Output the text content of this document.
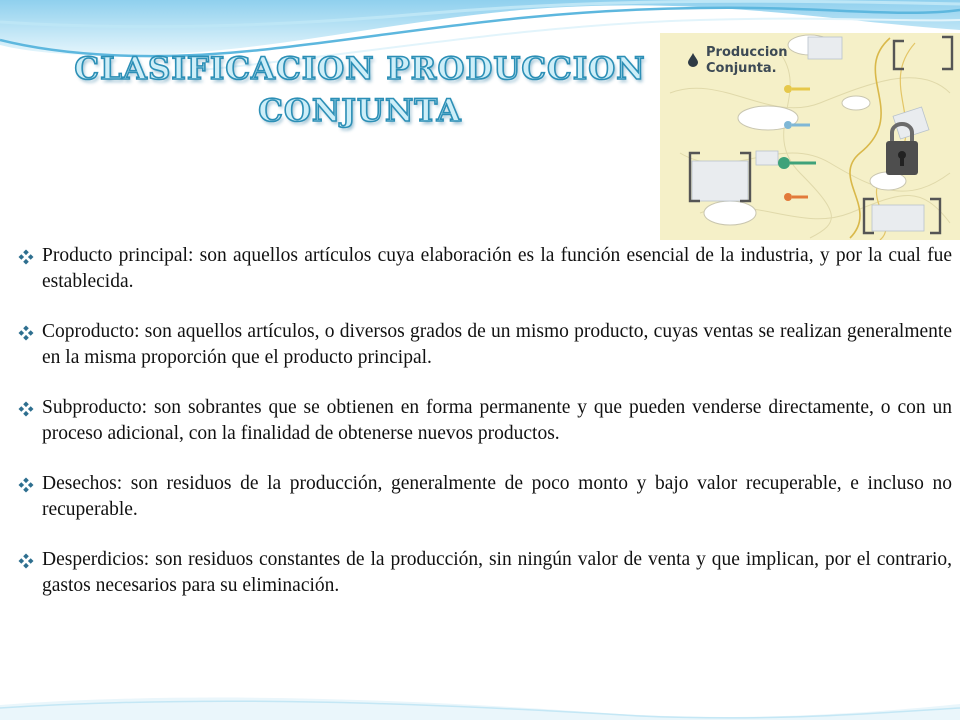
CLASIFICACION PRODUCCION
CONJUNTA
Produccion
Conjunta.
Producto principal: son aquellos artículos cuya elaboración es la función esencial de la industria, y por la cual fue establecida.
Coproducto: son aquellos artículos, o diversos grados de un mismo producto, cuyas ventas se realizan generalmente en la misma proporción que el producto principal.
Subproducto: son sobrantes que se obtienen en forma permanente y que pueden venderse directamente, o con un proceso adicional, con la finalidad de obtenerse nuevos productos.
Desechos: son residuos de la producción, generalmente de poco monto y bajo valor recuperable, e incluso no recuperable.
Desperdicios: son residuos constantes de la producción, sin ningún valor de venta y que implican, por el contrario, gastos necesarios para su eliminación.
